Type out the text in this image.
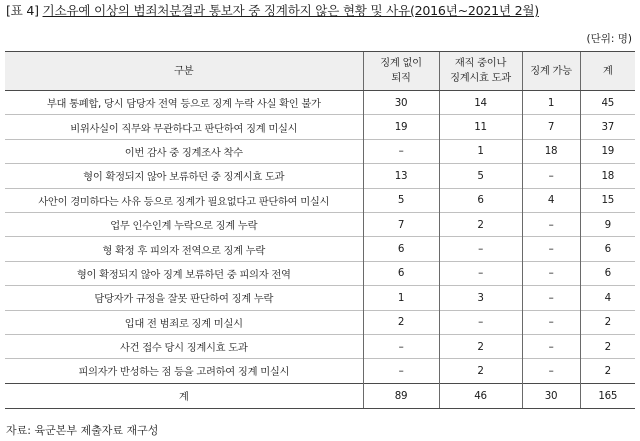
[표 4] 기소유예 이상의 범죄처분결과 통보자 중 징계하지 않은 현황 및 사유(2016년~2021년 2월)
(단위: 명)
구분	징계 없이 퇴직	재직 중이나 징계시효 도과	징계 가능	계
부대 통폐합, 당시 담당자 전역 등으로 징계 누락 사실 확인 불가	30	14	1	45
비위사실이 직무와 무관하다고 판단하여 징계 미실시	19	11	7	37
이번 감사 중 징계조사 착수	–	1	18	19
형이 확정되지 않아 보류하던 중 징계시효 도과	13	5	–	18
사안이 경미하다는 사유 등으로 징계가 필요없다고 판단하여 미실시	5	6	4	15
업무 인수인계 누락으로 징계 누락	7	2	–	9
형 확정 후 피의자 전역으로 징계 누락	6	–	–	6
형이 확정되지 않아 징계 보류하던 중 피의자 전역	6	–	–	6
담당자가 규정을 잘못 판단하여 징계 누락	1	3	–	4
입대 전 범죄로 징계 미실시	2	–	–	2
사건 접수 당시 징계시효 도과	–	2	–	2
피의자가 반성하는 점 등을 고려하여 징계 미실시	–	2	–	2
계	89	46	30	165
자료: 육군본부 제출자료 재구성
